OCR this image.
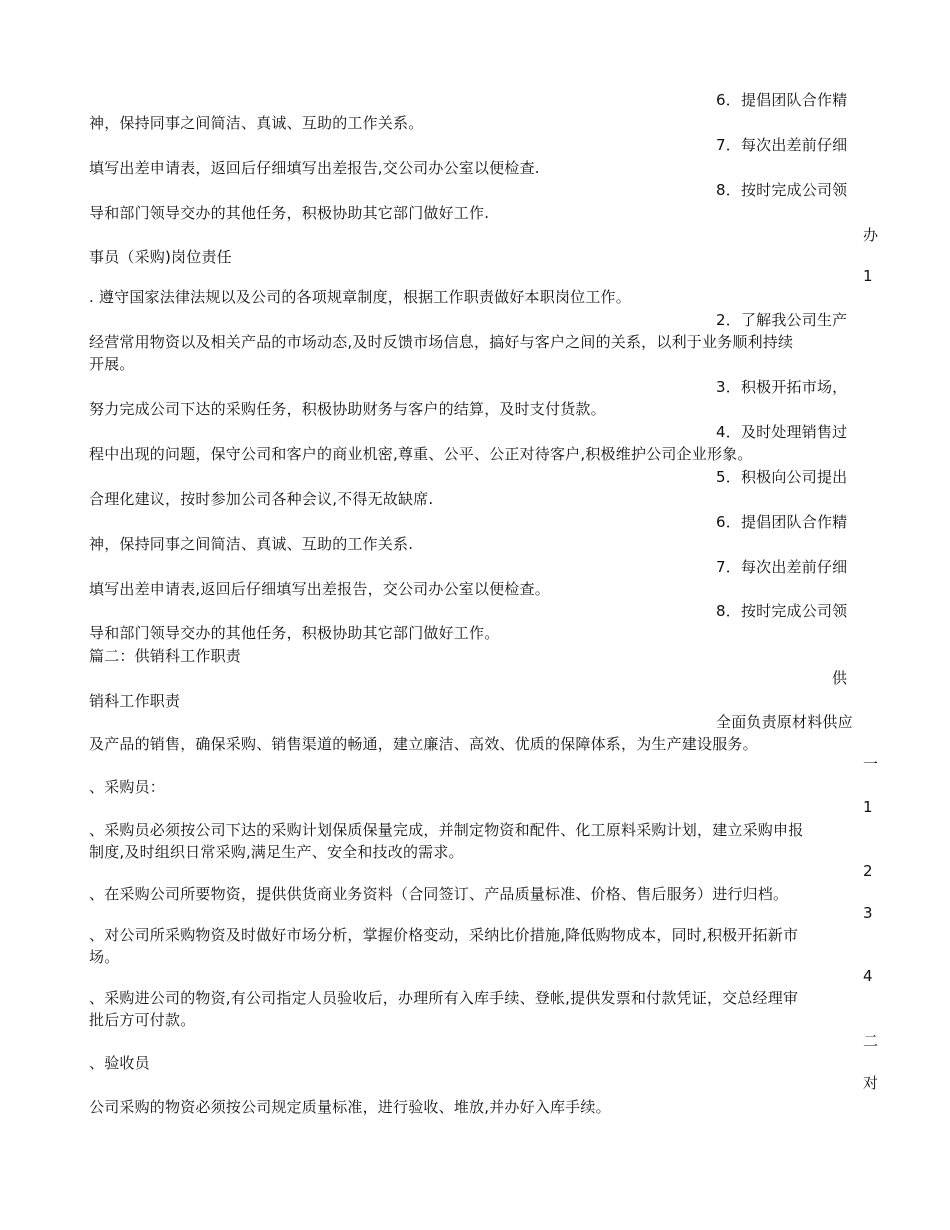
6．提倡团队合作精
神，保持同事之间简洁、真诚、互助的工作关系。
7．每次出差前仔细
填写出差申请表，返回后仔细填写出差报告,交公司办公室以便检查.
8．按时完成公司领
导和部门领导交办的其他任务，积极协助其它部门做好工作.
办
事员（采购)岗位责任
1
. 遵守国家法律法规以及公司的各项规章制度，根据工作职责做好本职岗位工作。
2．了解我公司生产
经营常用物资以及相关产品的市场动态,及时反馈市场信息，搞好与客户之间的关系，以利于业务顺利持续
开展。
3．积极开拓市场，
努力完成公司下达的采购任务，积极协助财务与客户的结算，及时支付货款。
4．及时处理销售过
程中出现的问题，保守公司和客户的商业机密,尊重、公平、公正对待客户,积极维护公司企业形象。
5．积极向公司提出
合理化建议，按时参加公司各种会议,不得无故缺席.
6．提倡团队合作精
神，保持同事之间简洁、真诚、互助的工作关系.
7．每次出差前仔细
填写出差申请表,返回后仔细填写出差报告，交公司办公室以便检查。
8．按时完成公司领
导和部门领导交办的其他任务，积极协助其它部门做好工作。
篇二：供销科工作职责
供
销科工作职责
全面负责原材料供应
及产品的销售，确保采购、销售渠道的畅通，建立廉洁、高效、优质的保障体系，为生产建设服务。
一
、采购员：
1
、采购员必须按公司下达的采购计划保质保量完成，并制定物资和配件、化工原料采购计划，建立采购申报
制度,及时组织日常采购,满足生产、安全和技改的需求。
2
、在采购公司所要物资，提供供货商业务资料（合同签订、产品质量标准、价格、售后服务）进行归档。
3
、对公司所采购物资及时做好市场分析，掌握价格变动，采纳比价措施,降低购物成本，同时,积极开拓新市
场。
4
、采购进公司的物资,有公司指定人员验收后，办理所有入库手续、登帐,提供发票和付款凭证，交总经理审
批后方可付款。
二
、验收员
对
公司采购的物资必须按公司规定质量标准，进行验收、堆放,并办好入库手续。
